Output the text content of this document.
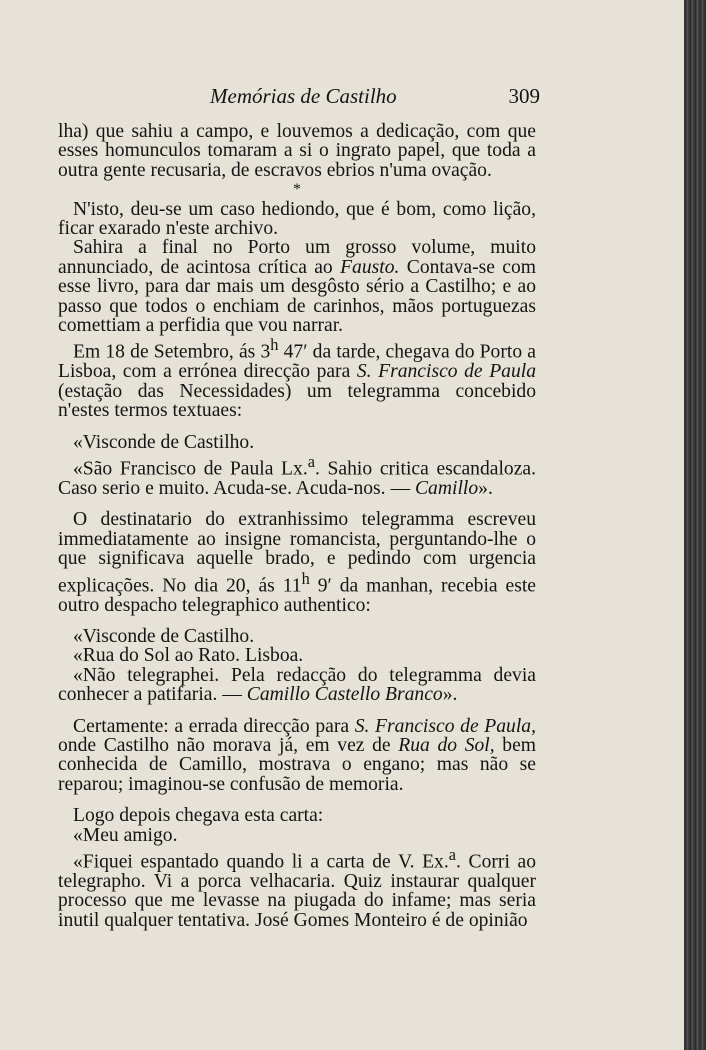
Memórias de Castilho	309

lha) que sahiu a campo, e louvemos a dedicação, com que esses homunculos tomaram a si o ingrato papel, que toda a outra gente recusaria, de escravos ebrios n'uma ovação.

*

N'isto, deu-se um caso hediondo, que é bom, como lição, ficar exarado n'este archivo.

Sahira a final no Porto um grosso volume, muito annunciado, de acintosa crítica ao Fausto. Contava-se com esse livro, para dar mais um desgôsto sério a Castilho; e ao passo que todos o enchiam de carinhos, mãos portuguezas comettiam a perfidia que vou narrar.

Em 18 de Setembro, ás 3$^h$ 47′ da tarde, chegava do Porto a Lisboa, com a errónea direcção para S. Francisco de Paula (estação das Necessidades) um telegramma concebido n'estes termos textuaes:

«Visconde de Castilho.

«São Francisco de Paula Lx.$^a$. Sahio critica escandaloza. Caso serio e muito. Acuda-se. Acuda-nos. — Camillo».

O destinatario do extranhissimo telegramma escreveu immediatamente ao insigne romancista, perguntando-lhe o que significava aquelle brado, e pedindo com urgencia explicações. No dia 20, ás 11$^h$ 9′ da manhan, recebia este outro despacho telegraphico authentico:

«Visconde de Castilho.

«Rua do Sol ao Rato. Lisboa.

«Não telegraphei. Pela redacção do telegramma devia conhecer a patifaria. — Camillo Castello Branco».

Certamente: a errada direcção para S. Francisco de Paula, onde Castilho não morava já, em vez de Rua do Sol, bem conhecida de Camillo, mostrava o engano; mas não se reparou; imaginou-se confusão de memoria.

Logo depois chegava esta carta:

«Meu amigo.

«Fiquei espantado quando li a carta de V. Ex.$^a$. Corri ao telegrapho. Vi a porca velhacaria. Quiz instaurar qualquer processo que me levasse na piugada do infame; mas seria inutil qualquer tentativa. José Gomes Monteiro é de opinião
